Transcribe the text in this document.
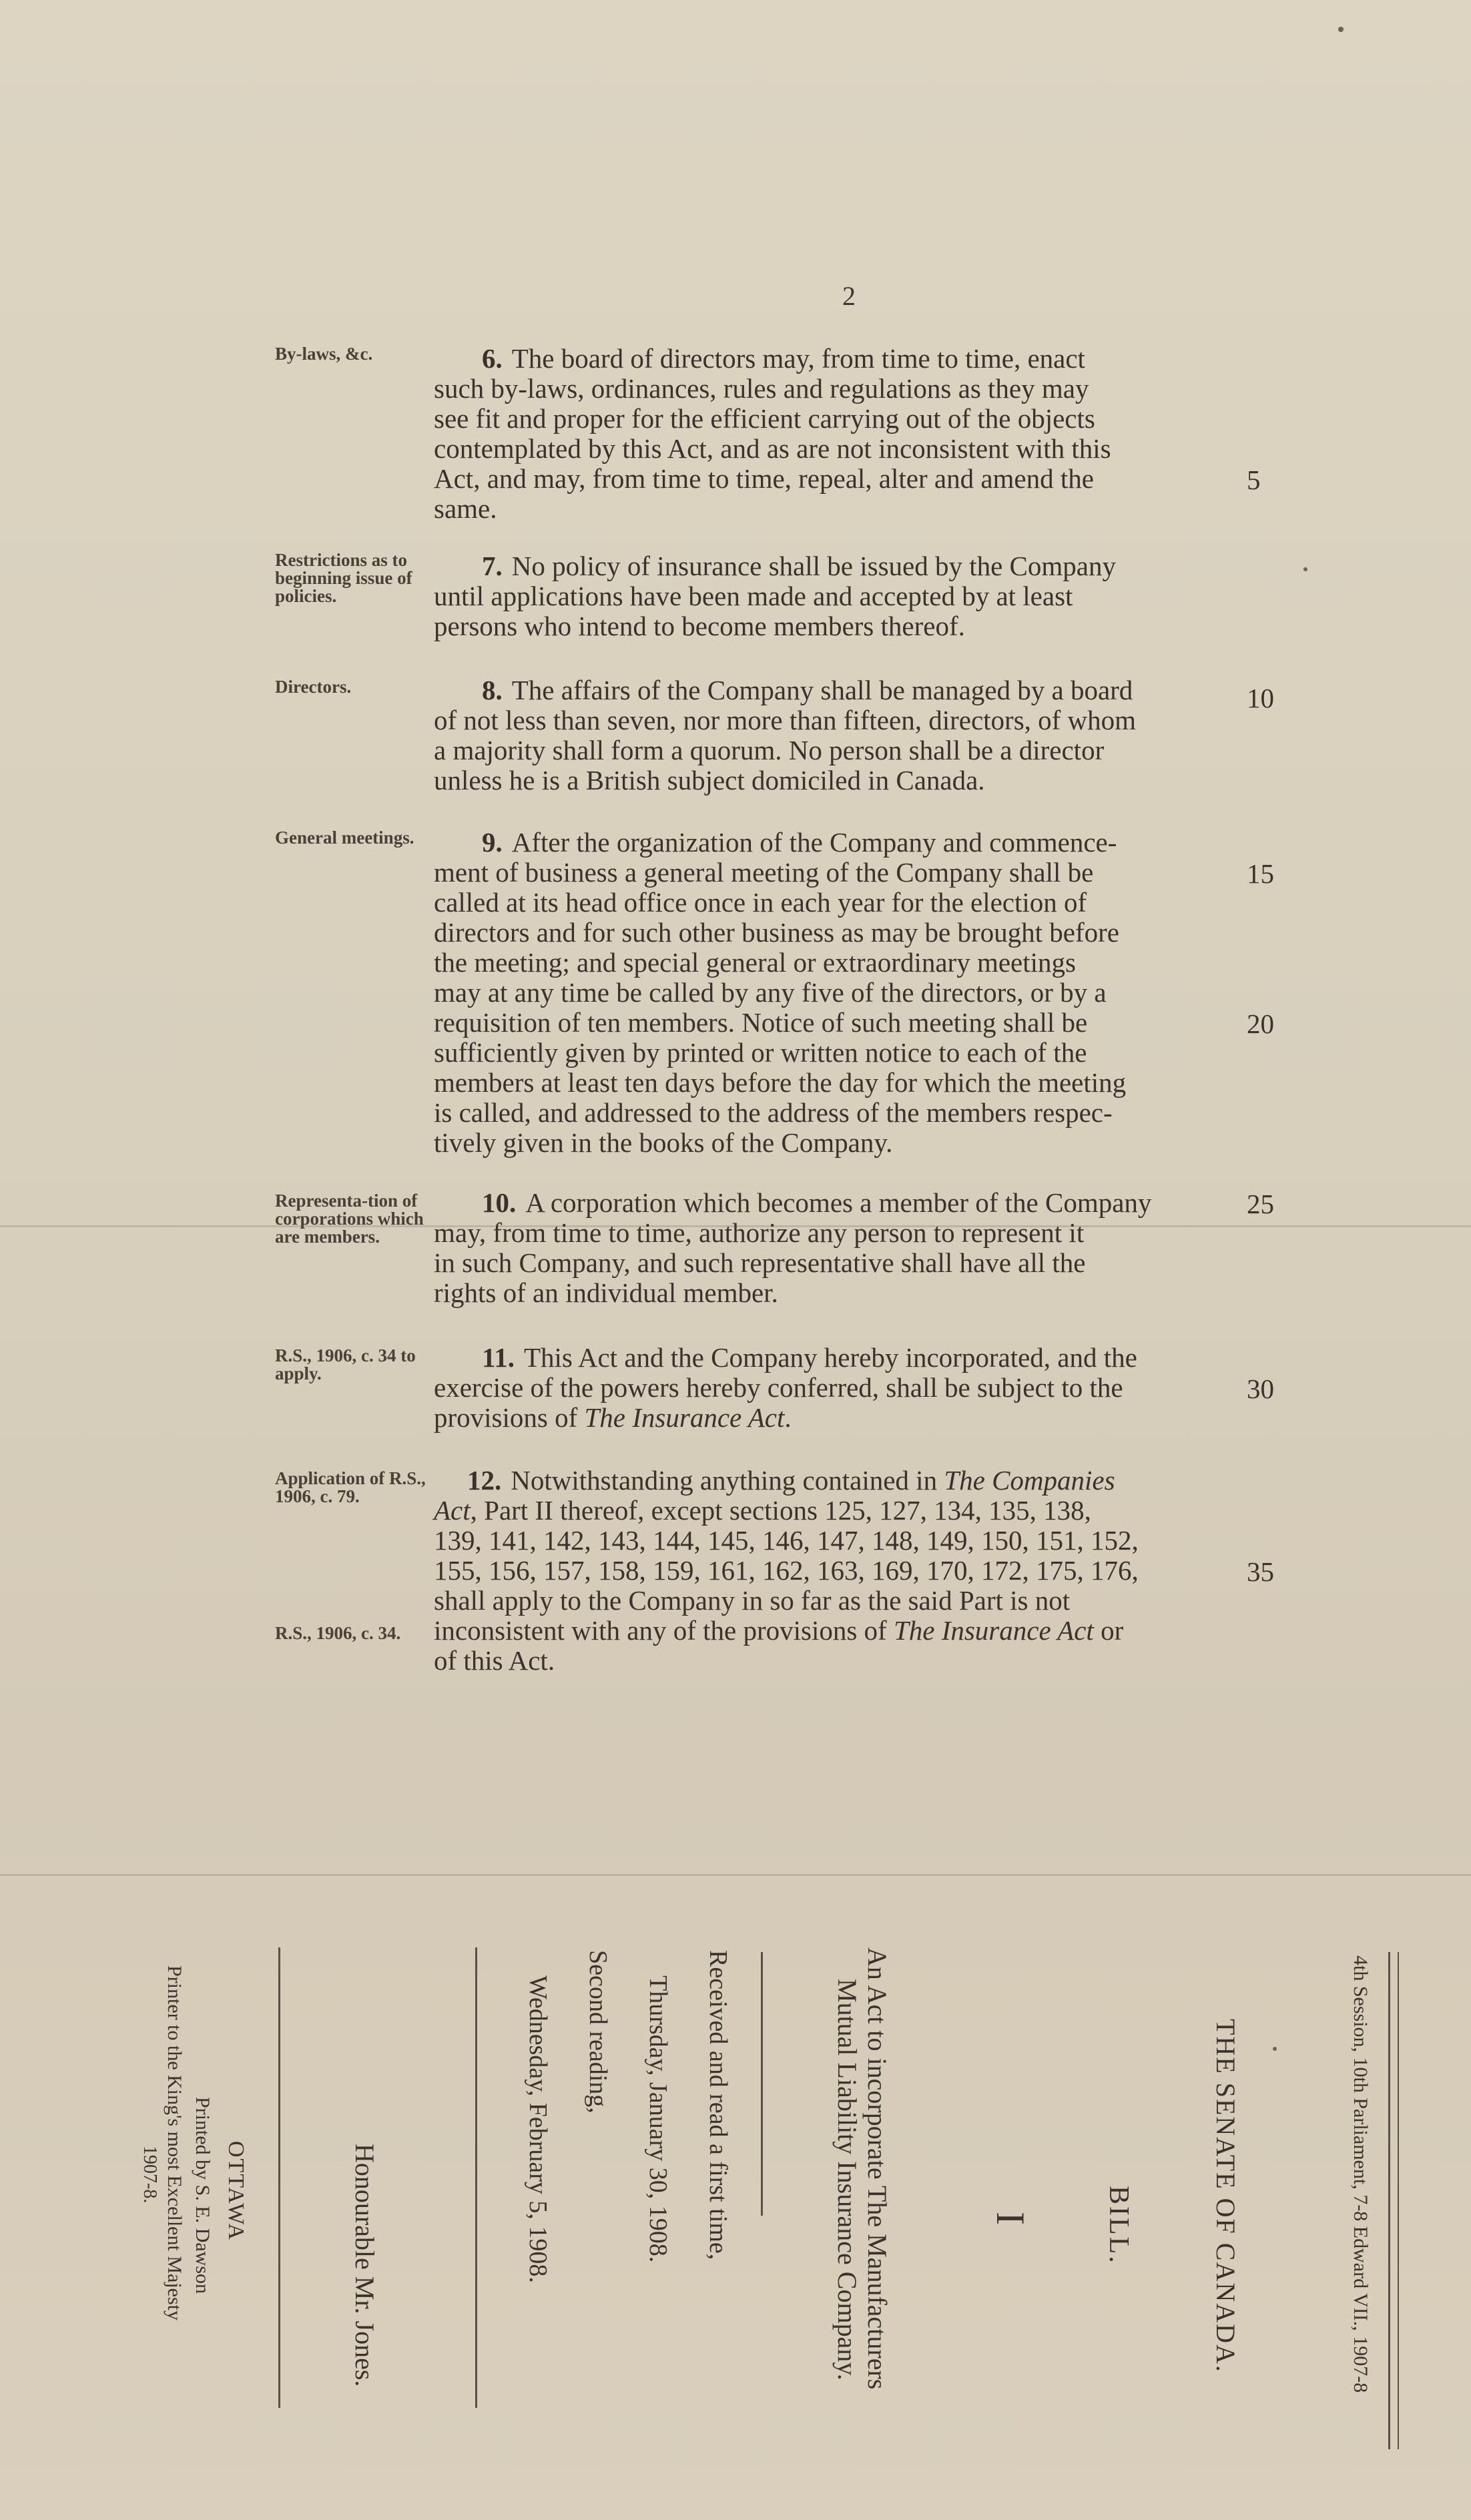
2
By-laws, &c.	6. The board of directors may, from time to time, enact
such by-laws, ordinances, rules and regulations as they may
see fit and proper for the efficient carrying out of the objects
contemplated by this Act, and as are not inconsistent with this
Act, and may, from time to time, repeal, alter and amend the
same.
5
Restrictions as to beginning issue of policies.
7. No policy of insurance shall be issued by the Company
until applications have been made and accepted by at least
persons who intend to become members thereof.
Directors.	8. The affairs of the Company shall be managed by a board
of not less than seven, nor more than fifteen, directors, of whom
a majority shall form a quorum. No person shall be a director
unless he is a British subject domiciled in Canada.
10
General meetings.	9. After the organization of the Company and commence-
ment of business a general meeting of the Company shall be
called at its head office once in each year for the election of
directors and for such other business as may be brought before
the meeting; and special general or extraordinary meetings
may at any time be called by any five of the directors, or by a
requisition of ten members. Notice of such meeting shall be
sufficiently given by printed or written notice to each of the
members at least ten days before the day for which the meeting
is called, and addressed to the address of the members respec-
tively given in the books of the Company.
15
20
Representa-tion of corporations which are members.
10. A corporation which becomes a member of the Company
may, from time to time, authorize any person to represent it
in such Company, and such representative shall have all the
rights of an individual member.
25
R.S., 1906, c. 34 to apply.
11. This Act and the Company hereby incorporated, and the
exercise of the powers hereby conferred, shall be subject to the
provisions of The Insurance Act.
30
Application of R.S., 1906, c. 79.
R.S., 1906, c. 34.
12. Notwithstanding anything contained in The Companies
Act, Part II thereof, except sections 125, 127, 134, 135, 138,
139, 141, 142, 143, 144, 145, 146, 147, 148, 149, 150, 151, 152,
155, 156, 157, 158, 159, 161, 162, 163, 169, 170, 172, 175, 176,
shall apply to the Company in so far as the said Part is not
inconsistent with any of the provisions of The Insurance Act or
of this Act.
35
4th Session, 10th Parliament, 7-8 Edward VII., 1907-8
THE SENATE OF CANADA.
BILL.
I
An Act to incorporate The Manufacturers
Mutual Liability Insurance Company.
Received and read a first time,
Thursday, January 30, 1908.
Second reading,
Wednesday, February 5, 1908.
Honourable Mr. Jones.
OTTAWA
Printed by S. E. Dawson
Printer to the King's most Excellent Majesty
1907-8.
